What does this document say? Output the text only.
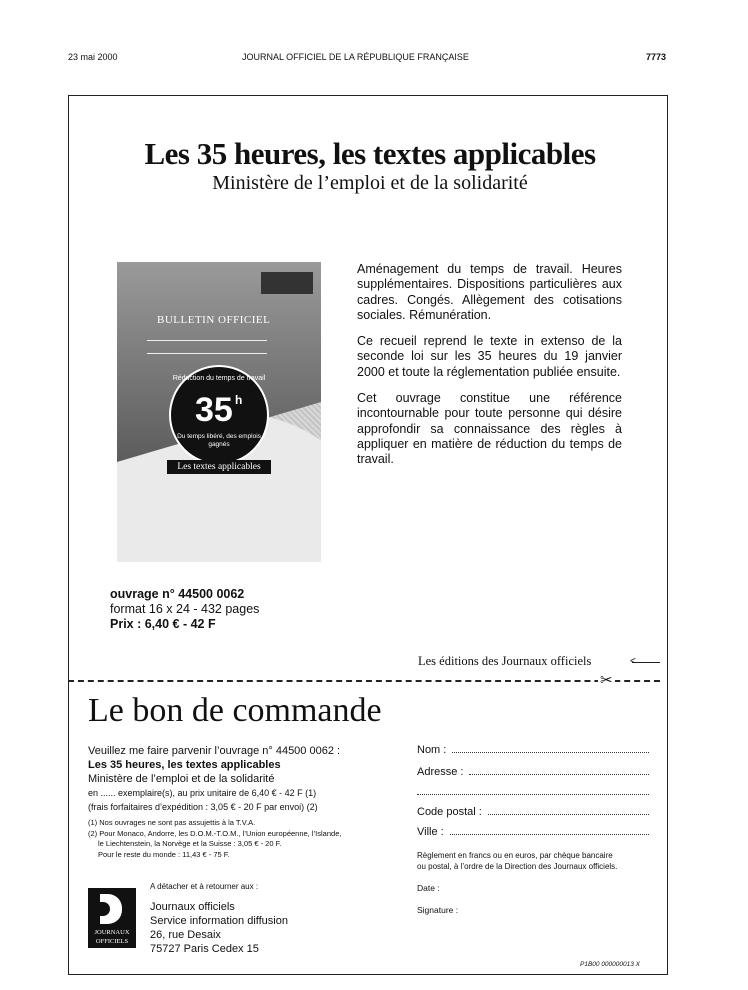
23 mai 2000	JOURNAL OFFICIEL DE LA RÉPUBLIQUE FRANÇAISE	7773
Les 35 heures, les textes applicables
Ministère de l’emploi et de la solidarité
BULLETIN OFFICIEL
Réduction du temps de travail
35 h
Du temps libéré, des emplois gagnés
Les textes applicables

Aménagement du temps de travail. Heures supplémentaires. Dispositions particulières aux cadres. Congés. Allègement des cotisations sociales. Rémunération.

Ce recueil reprend le texte in extenso de la seconde loi sur les 35 heures du 19 janvier 2000 et toute la réglementation publiée ensuite.

Cet ouvrage constitue une référence incontournable pour toute personne qui désire approfondir sa connaissance des règles à appliquer en matière de réduction du temps de travail.

ouvrage n° 44500 0062
format 16 x 24 - 432 pages
Prix : 6,40 € - 42 F
Les éditions des Journaux officiels	<
✂
Le bon de commande
Veuillez me faire parvenir l’ouvrage n° 44500 0062 :
Les 35 heures, les textes applicables
Ministère de l’emploi et de la solidarité
en ...... exemplaire(s), au prix unitaire de 6,40 € - 42 F (1)
(frais forfaitaires d’expédition : 3,05 € - 20 F par envoi) (2)
(1) Nos ouvrages ne sont pas assujettis à la T.V.A.
(2) Pour Monaco, Andorre, les D.O.M.-T.O.M., l’Union européenne, l’Islande,
le Liechtenstein, la Norvège et la Suisse : 3,05 € - 20 F.
Pour le reste du monde : 11,43 € - 75 F.
JOURNAUX
OFFICIELS
A détacher et à retourner aux :
Journaux officiels
Service information diffusion
26, rue Desaix
75727 Paris Cedex 15
Nom :
Adresse :
Code postal :
Ville :
Règlement en francs ou en euros, par chèque bancaire
ou postal, à l’ordre de la Direction des Journaux officiels.
Date :
Signature :
P1B00 000000013 X
